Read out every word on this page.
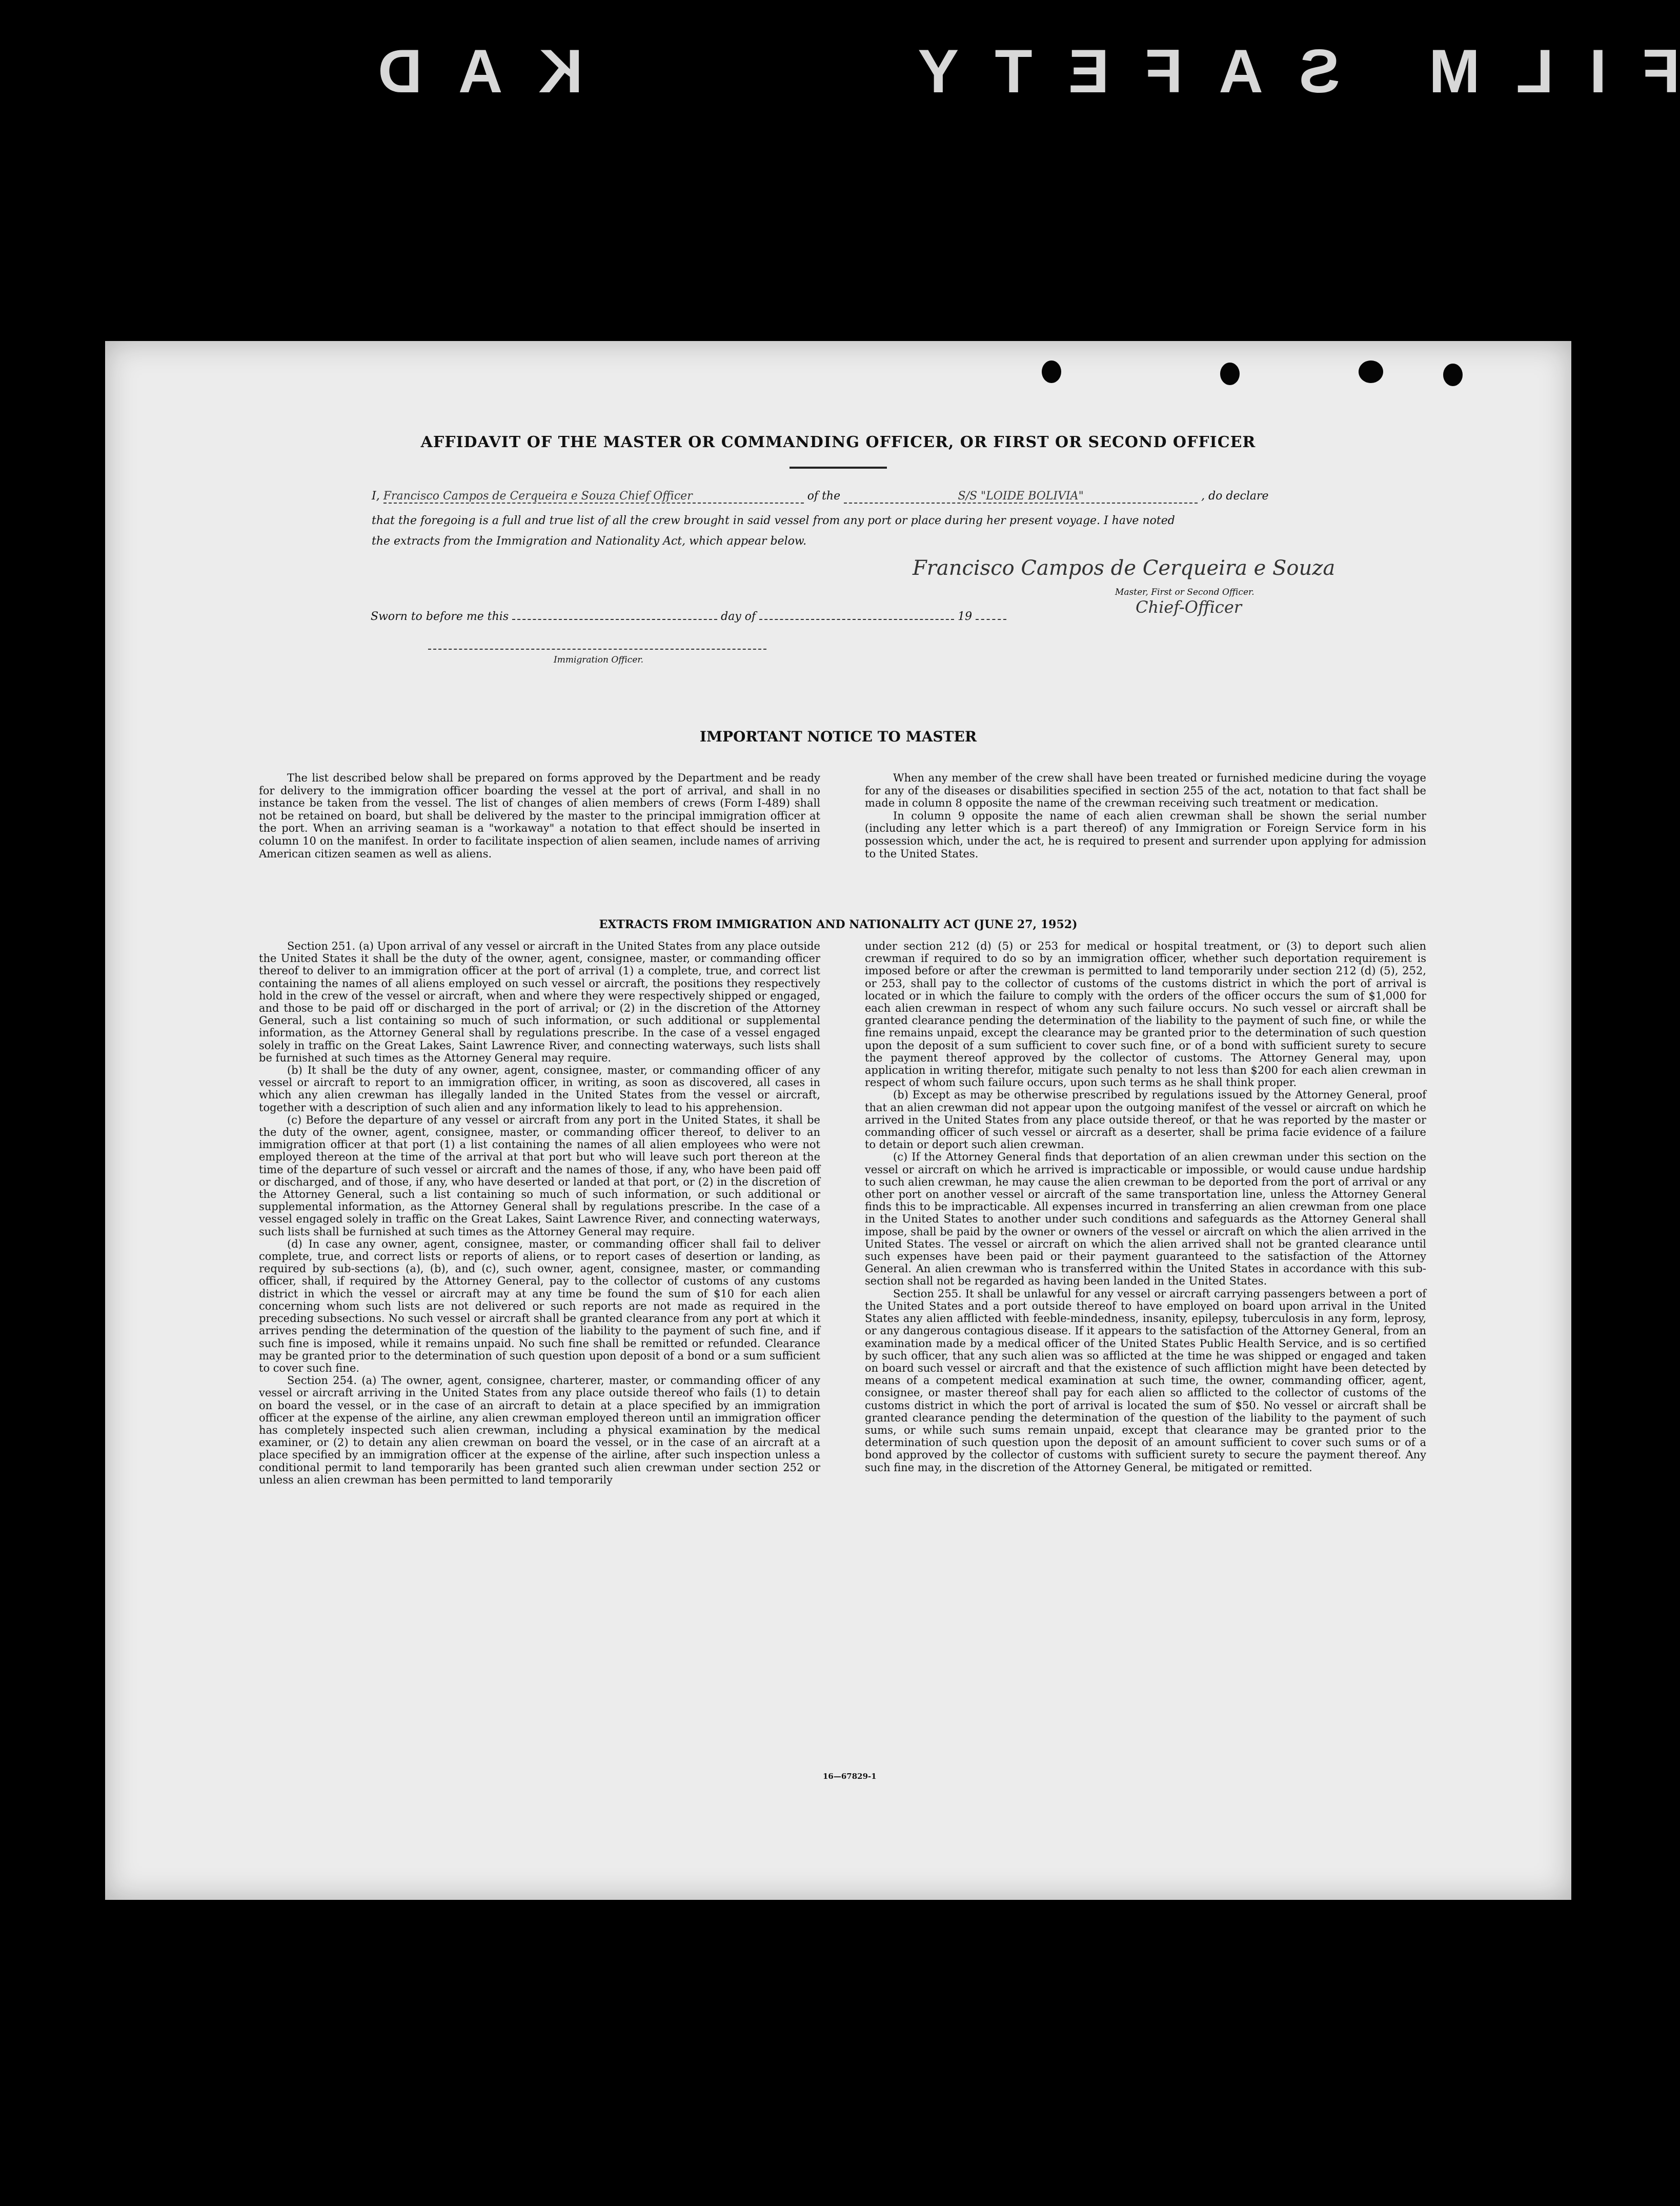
FILM SAFETY
KAD
AFFIDAVIT OF THE MASTER OR COMMANDING OFFICER, OR FIRST OR SECOND OFFICER
I, Francisco Campos de Cerqueira e Souza Chief Officer	of the	S/S "LOIDE BOLIVIA"	, do declare
that the foregoing is a full and true list of all the crew brought in said vessel from any port or place during her present voyage. I have noted
the extracts from the Immigration and Nationality Act, which appear below.
Francisco Campos de Cerqueira e Souza
Master, First or Second Officer.
Chief-Officer
Sworn to before me this	day of	19
Immigration Officer.
IMPORTANT NOTICE TO MASTER

The list described below shall be prepared on forms approved by the Department and be ready for delivery to the immigration officer boarding the vessel at the port of arrival, and shall in no instance be taken from the vessel. The list of changes of alien members of crews (Form I-489) shall not be retained on board, but shall be delivered by the master to the principal immigration officer at the port. When an arriving seaman is a "workaway" a notation to that effect should be inserted in column 10 on the manifest. In order to facilitate inspection of alien seamen, include names of arriving American citizen seamen as well as aliens.

When any member of the crew shall have been treated or furnished medicine during the voyage for any of the diseases or disabilities specified in section 255 of the act, notation to that fact shall be made in column 8 opposite the name of the crewman receiving such treatment or medication.

In column 9 opposite the name of each alien crewman shall be shown the serial number (including any letter which is a part thereof) of any Immigration or Foreign Service form in his possession which, under the act, he is required to present and surrender upon applying for admission to the United States.

EXTRACTS FROM IMMIGRATION AND NATIONALITY ACT (JUNE 27, 1952)

Section 251. (a) Upon arrival of any vessel or aircraft in the United States from any place outside the United States it shall be the duty of the owner, agent, consignee, master, or commanding officer thereof to deliver to an immigration officer at the port of arrival (1) a complete, true, and correct list containing the names of all aliens employed on such vessel or aircraft, the positions they respectively hold in the crew of the vessel or aircraft, when and where they were respectively shipped or engaged, and those to be paid off or discharged in the port of arrival; or (2) in the discretion of the Attorney General, such a list containing so much of such information, or such additional or supplemental information, as the Attorney General shall by regulations prescribe. In the case of a vessel engaged solely in traffic on the Great Lakes, Saint Lawrence River, and connecting waterways, such lists shall be furnished at such times as the Attorney General may require.

(b) It shall be the duty of any owner, agent, consignee, master, or commanding officer of any vessel or aircraft to report to an immigration officer, in writing, as soon as discovered, all cases in which any alien crewman has illegally landed in the United States from the vessel or aircraft, together with a description of such alien and any information likely to lead to his apprehension.

(c) Before the departure of any vessel or aircraft from any port in the United States, it shall be the duty of the owner, agent, consignee, master, or commanding officer thereof, to deliver to an immigration officer at that port (1) a list containing the names of all alien employees who were not employed thereon at the time of the arrival at that port but who will leave such port thereon at the time of the departure of such vessel or aircraft and the names of those, if any, who have been paid off or discharged, and of those, if any, who have deserted or landed at that port, or (2) in the discretion of the Attorney General, such a list containing so much of such information, or such additional or supplemental information, as the Attorney General shall by regulations prescribe. In the case of a vessel engaged solely in traffic on the Great Lakes, Saint Lawrence River, and connecting waterways, such lists shall be furnished at such times as the Attorney General may require.

(d) In case any owner, agent, consignee, master, or commanding officer shall fail to deliver complete, true, and correct lists or reports of aliens, or to report cases of desertion or landing, as required by sub-sections (a), (b), and (c), such owner, agent, consignee, master, or commanding officer, shall, if required by the Attorney General, pay to the collector of customs of any customs district in which the vessel or aircraft may at any time be found the sum of $10 for each alien concerning whom such lists are not delivered or such reports are not made as required in the preceding subsections. No such vessel or aircraft shall be granted clearance from any port at which it arrives pending the determination of the question of the liability to the payment of such fine, and if such fine is imposed, while it remains unpaid. No such fine shall be remitted or refunded. Clearance may be granted prior to the determination of such question upon deposit of a bond or a sum sufficient to cover such fine.

Section 254. (a) The owner, agent, consignee, charterer, master, or commanding officer of any vessel or aircraft arriving in the United States from any place outside thereof who fails (1) to detain on board the vessel, or in the case of an aircraft to detain at a place specified by an immigration officer at the expense of the airline, any alien crewman employed thereon until an immigration officer has completely inspected such alien crewman, including a physical examination by the medical examiner, or (2) to detain any alien crewman on board the vessel, or in the case of an aircraft at a place specified by an immigration officer at the expense of the airline, after such inspection unless a conditional permit to land temporarily has been granted such alien crewman under section 252 or unless an alien crewman has been permitted to land temporarily

under section 212 (d) (5) or 253 for medical or hospital treatment, or (3) to deport such alien crewman if required to do so by an immigration officer, whether such deportation requirement is imposed before or after the crewman is permitted to land temporarily under section 212 (d) (5), 252, or 253, shall pay to the collector of customs of the customs district in which the port of arrival is located or in which the failure to comply with the orders of the officer occurs the sum of $1,000 for each alien crewman in respect of whom any such failure occurs. No such vessel or aircraft shall be granted clearance pending the determination of the liability to the payment of such fine, or while the fine remains unpaid, except the clearance may be granted prior to the determination of such question upon the deposit of a sum sufficient to cover such fine, or of a bond with sufficient surety to secure the payment thereof approved by the collector of customs. The Attorney General may, upon application in writing therefor, mitigate such penalty to not less than $200 for each alien crewman in respect of whom such failure occurs, upon such terms as he shall think proper.

(b) Except as may be otherwise prescribed by regulations issued by the Attorney General, proof that an alien crewman did not appear upon the outgoing manifest of the vessel or aircraft on which he arrived in the United States from any place outside thereof, or that he was reported by the master or commanding officer of such vessel or aircraft as a deserter, shall be prima facie evidence of a failure to detain or deport such alien crewman.

(c) If the Attorney General finds that deportation of an alien crewman under this section on the vessel or aircraft on which he arrived is impracticable or impossible, or would cause undue hardship to such alien crewman, he may cause the alien crewman to be deported from the port of arrival or any other port on another vessel or aircraft of the same transportation line, unless the Attorney General finds this to be impracticable. All expenses incurred in transferring an alien crewman from one place in the United States to another under such conditions and safeguards as the Attorney General shall impose, shall be paid by the owner or owners of the vessel or aircraft on which the alien arrived in the United States. The vessel or aircraft on which the alien arrived shall not be granted clearance until such expenses have been paid or their payment guaranteed to the satisfaction of the Attorney General. An alien crewman who is transferred within the United States in accordance with this sub-section shall not be regarded as having been landed in the United States.

Section 255. It shall be unlawful for any vessel or aircraft carrying passengers between a port of the United States and a port outside thereof to have employed on board upon arrival in the United States any alien afflicted with feeble-mindedness, insanity, epilepsy, tuberculosis in any form, leprosy, or any dangerous contagious disease. If it appears to the satisfaction of the Attorney General, from an examination made by a medical officer of the United States Public Health Service, and is so certified by such officer, that any such alien was so afflicted at the time he was shipped or engaged and taken on board such vessel or aircraft and that the existence of such affliction might have been detected by means of a competent medical examination at such time, the owner, commanding officer, agent, consignee, or master thereof shall pay for each alien so afflicted to the collector of customs of the customs district in which the port of arrival is located the sum of $50. No vessel or aircraft shall be granted clearance pending the determination of the question of the liability to the payment of such sums, or while such sums remain unpaid, except that clearance may be granted prior to the determination of such question upon the deposit of an amount sufficient to cover such sums or of a bond approved by the collector of customs with sufficient surety to secure the payment thereof. Any such fine may, in the discretion of the Attorney General, be mitigated or remitted.

16—67829-1
